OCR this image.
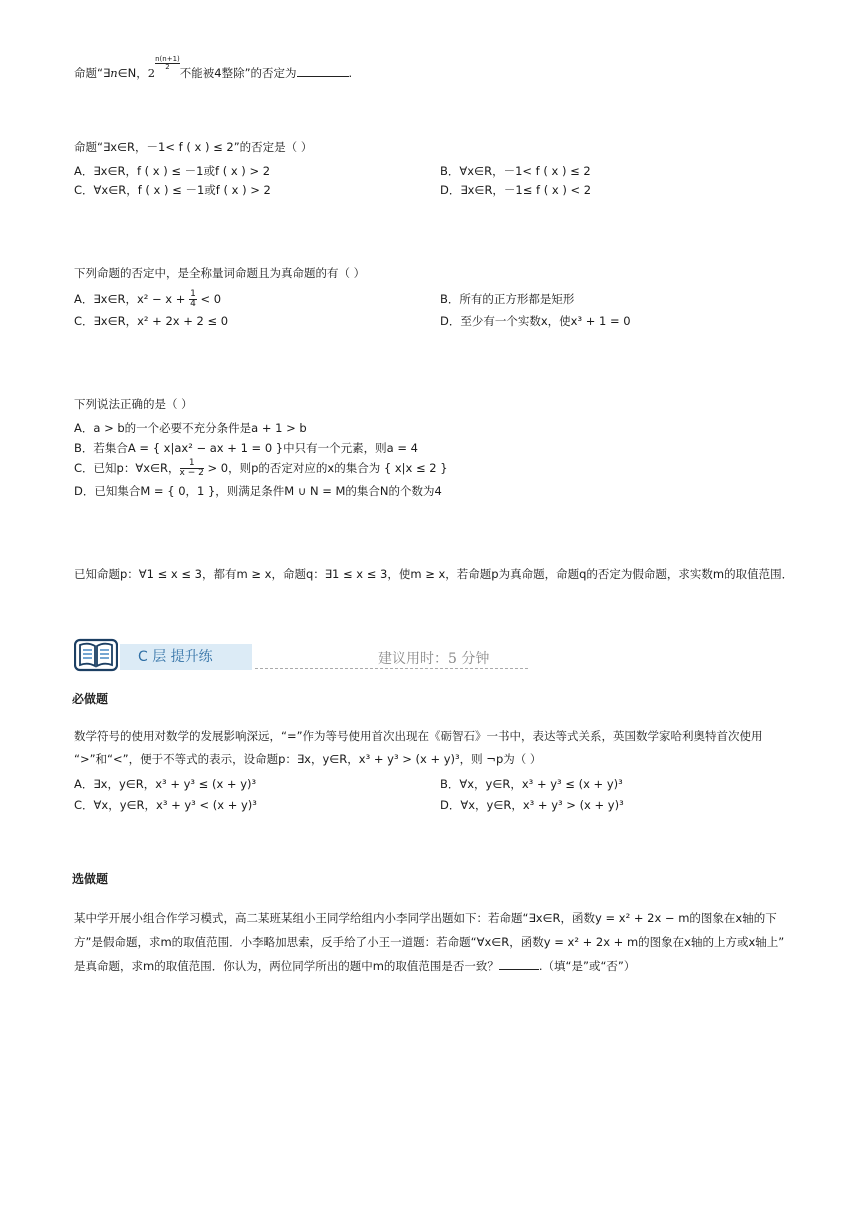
命题“∃n∈N，2
$\frac{n(n+1)}{2}$
不能被4整除”的否定为	.
命题“∃x∈R，－1< f ( x ) ≤ 2”的否定是（ ）
A．∃x∈R，f ( x ) ≤ －1或f ( x ) > 2	B．∀x∈R，－1< f ( x ) ≤ 2
C．∀x∈R，f ( x ) ≤ －1或f ( x ) > 2	D．∃x∈R，－1≤ f ( x ) < 2
下列命题的否定中，是全称量词命题且为真命题的有（ ）
A．∃x∈R，$x^2 - x + \frac{1}{4} < 0$	B．所有的正方形都是矩形
C．∃x∈R，x² + 2x + 2 ≤ 0	D．至少有一个实数x，使x³ + 1 = 0
下列说法正确的是（ ）
A．a > b的一个必要不充分条件是a + 1 > b
B．若集合A = { x|ax² − ax + 1 = 0 }中只有一个元素，则a = 4
C．已知p：∀x∈R， $\frac{1}{x - 2} > 0$，则p的否定对应的x的集合为 { x|x ≤ 2 }
D．已知集合M = { 0，1 }，则满足条件M ∪ N = M的集合N的个数为4
已知命题p：∀1 ≤ x ≤ 3，都有m ≥ x，命题q：∃1 ≤ x ≤ 3，使m ≥ x，若命题p为真命题，命题q的否定为假命题，求实数m的取值范围．
C 层 提升练	建议用时：5 分钟
必做题
数学符号的使用对数学的发展影响深远，“=”作为等号使用首次出现在《砺智石》一书中，表达等式关系，英国数学家哈利奥特首次使用
“>”和“<”，便于不等式的表示，设命题p：∃x，y∈R，x³ + y³ > (x + y)³，则 ¬p为（ ）
A．∃x，y∈R，x³ + y³ ≤ (x + y)³	B．∀x，y∈R，x³ + y³ ≤ (x + y)³
C．∀x，y∈R，x³ + y³ < (x + y)³	D．∀x，y∈R，x³ + y³ > (x + y)³
选做题
某中学开展小组合作学习模式，高二某班某组小王同学给组内小李同学出题如下：若命题“∃x∈R，函数y = x² + 2x − m的图象在x轴的下
方”是假命题，求m的取值范围．小李略加思索，反手给了小王一道题：若命题“∀x∈R，函数y = x² + 2x + m的图象在x轴的上方或x轴上”
是真命题，求m的取值范围．你认为，两位同学所出的题中m的取值范围是否一致？	.（填“是”或“否”）
